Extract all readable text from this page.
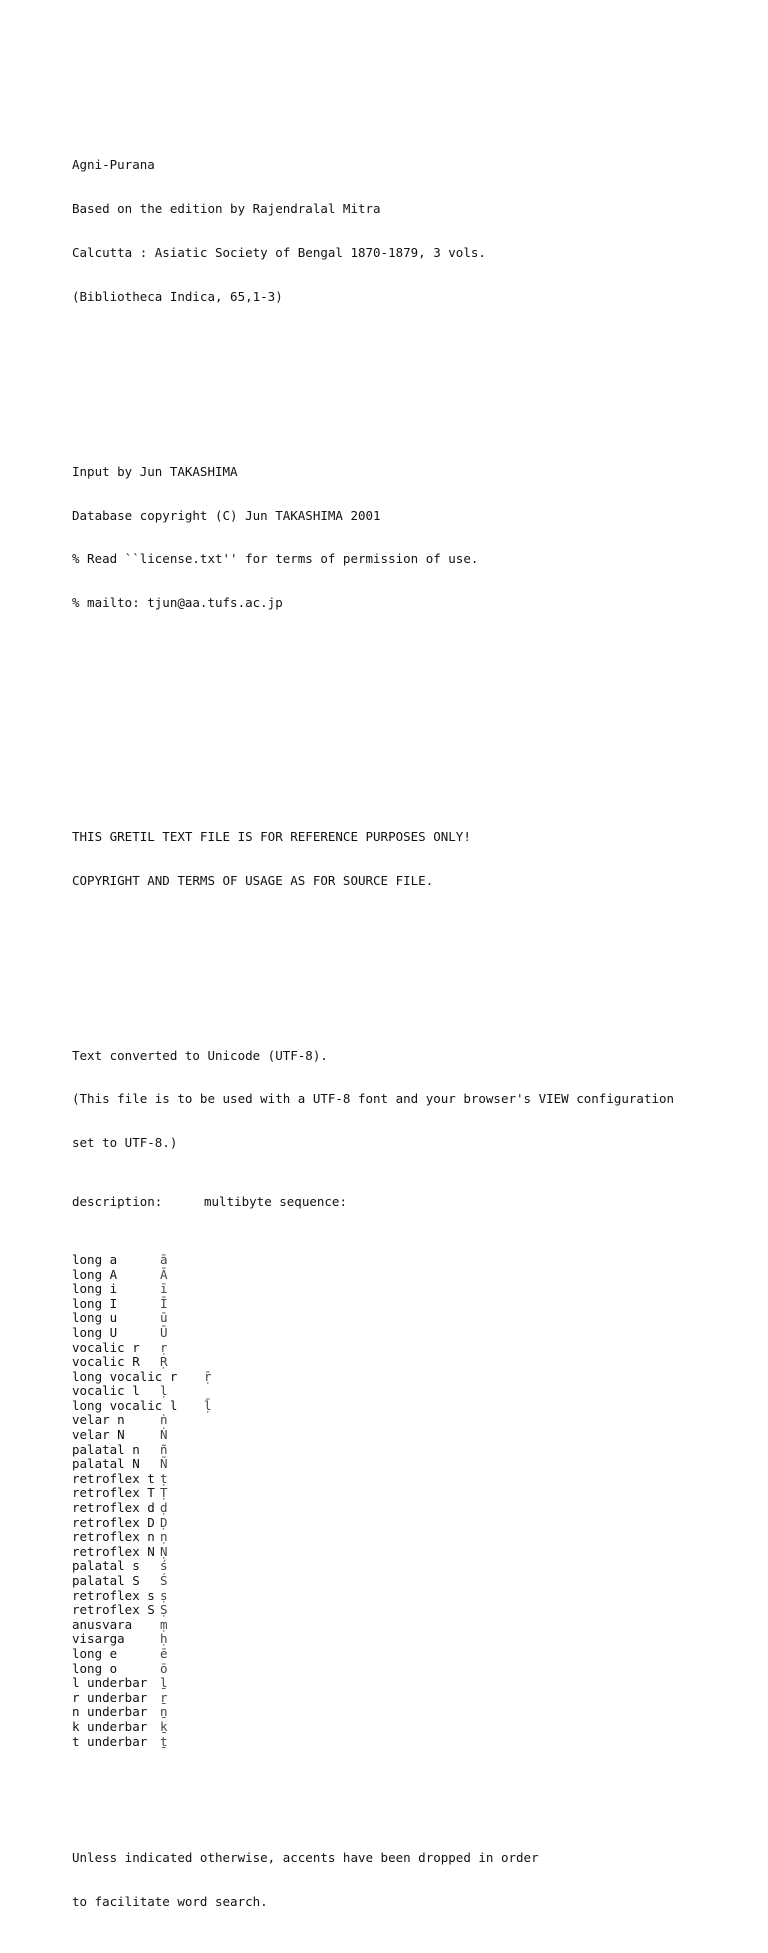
Agni-Purana

Based on the edition by Rajendralal Mitra

Calcutta : Asiatic Society of Bengal 1870-1879, 3 vols.

(Bibliotheca Indica, 65,1-3)

Input by Jun TAKASHIMA

Database copyright (C) Jun TAKASHIMA 2001

% Read ``license.txt'' for terms of permission of use.

% mailto: tjun@aa.tufs.ac.jp

THIS GRETIL TEXT FILE IS FOR REFERENCE PURPOSES ONLY!

COPYRIGHT AND TERMS OF USAGE AS FOR SOURCE FILE.

Text converted to Unicode (UTF-8).

(This file is to be used with a UTF-8 font and your browser's VIEW configuration

set to UTF-8.)

description:	multibyte sequence:

long a	ā
long A	Ā
long i	ī
long I	Ī
long u	ū
long U	Ū
vocalic r	ṛ
vocalic R	Ṛ
long vocalic r	ṝ
vocalic l	ḷ
long vocalic l	ḹ
velar n	ṅ
velar N	Ṅ
palatal n	ñ
palatal N	Ñ
retroflex t ṭ
retroflex T Ṭ
retroflex d ḍ
retroflex D Ḍ
retroflex n ṇ
retroflex N Ṇ
palatal s	ś
palatal S	Ś
retroflex s ṣ
retroflex S Ṣ
anusvara	ṃ
visarga	ḥ
long e	ē
long o	ō
l underbar	ḻ
r underbar	ṟ
n underbar	ṉ
k underbar	ḵ
t underbar	ṯ

Unless indicated otherwise, accents have been dropped in order

to facilitate word search.
